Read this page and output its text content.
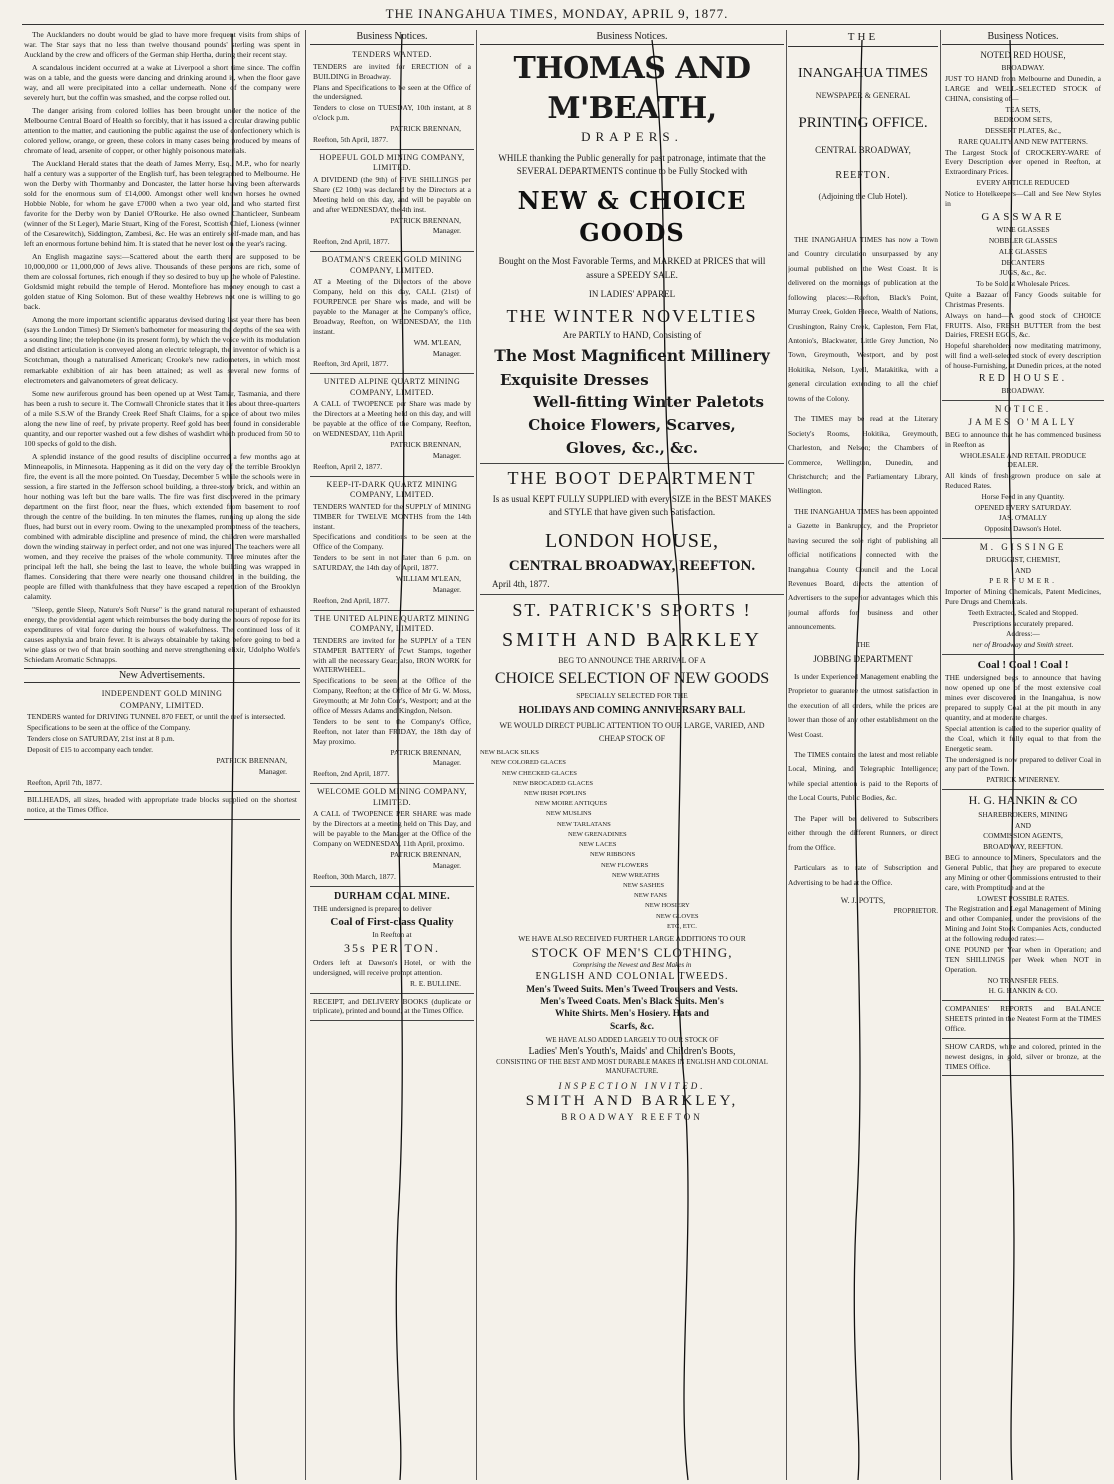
THE INANGAHUA TIMES, MONDAY, APRIL 9, 1877.

The Aucklanders no doubt would be glad to have more frequent visits from ships of war. The Star says that no less than twelve thousand pounds' sterling was spent in Auckland by the crew and officers of the German ship Hertha, during their recent stay.

A scandalous incident occurred at a wake at Liverpool a short time since. The coffin was on a table, and the guests were dancing and drinking around it, when the floor gave way, and all were precipitated into a cellar underneath. None of the company were severely hurt, but the coffin was smashed, and the corpse rolled out.

The danger arising from colored lollies has been brought under the notice of the Melbourne Central Board of Health so forcibly, that it has issued a circular drawing public attention to the matter, and cautioning the public against the use of confectionery which is colored yellow, orange, or green, these colors in many cases being produced by means of chromate of lead, arsenite of copper, or other highly poisonous materials.

The Auckland Herald states that the death of James Merry, Esq., M.P., who for nearly half a century was a supporter of the English turf, has been telegraphed to Melbourne. He won the Derby with Thormanby and Doncaster, the latter horse having been afterwards sold for the enormous sum of £14,000. Amongst other well known horses he owned Hobbie Noble, for whom he gave £7000 when a two year old, and who started first favorite for the Derby won by Daniel O'Rourke. He also owned Chanticleer, Sunbeam (winner of the St Leger), Marie Stuart, King of the Forest, Scottish Chief, Lioness (winner of the Cesarewitch), Siddington, Zambesi, &c. He was an entirely self-made man, and has left an enormous fortune behind him. It is stated that he never lost on the year's racing.

An English magazine says:—Scattered about the earth there are supposed to be 10,000,000 or 11,000,000 of Jews alive. Thousands of these persons are rich, some of them are colossal fortunes, rich enough if they so desired to buy up the whole of Palestine. Goldsmid might rebuild the temple of Herod. Montefiore has money enough to cast a golden statue of King Solomon. But of these wealthy Hebrews not one is willing to go back.

Among the more important scientific apparatus devised during last year there has been (says the London Times) Dr Siemen's bathometer for measuring the depths of the sea with a sounding line; the telephone (in its present form), by which the voice with its modulation and distinct articulation is conveyed along an electric telegraph, the inventor of which is a Scotchman, though a naturalised American; Crooke's new radiometers, in which most remarkable exhibition of air has been attained; as well as several new forms of electrometers and galvanometers of great delicacy.

Some new auriferous ground has been opened up at West Tamar, Tasmania, and there has been a rush to secure it. The Cornwall Chronicle states that it lies about three-quarters of a mile S.S.W of the Brandy Creek Reef Shaft Claims, for a space of about two miles along the new line of reef, by private property. Reef gold has been found in considerable quantity, and our reporter washed out a few dishes of washdirt which produced from 50 to 100 specks of gold to the dish.

A splendid instance of the good results of discipline occurred a few months ago at Minneapolis, in Minnesota. Happening as it did on the very day of the terrible Brooklyn fire, the event is all the more pointed. On Tuesday, December 5 while the schools were in session, a fire started in the Jefferson school building, a three-story brick, and within an hour nothing was left but the bare walls. The fire was first discovered in the primary department on the first floor, near the flues, which extended from basement to roof through the centre of the building. In ten minutes the flames, running up along the side flues, had burst out in every room. Owing to the unexampled promptness of the teachers, combined with admirable discipline and presence of mind, the children were marshalled down the winding stairway in perfect order, and not one was injured. The teachers were all women, and they receive the praises of the whole community. Three minutes after the principal left the hall, she being the last to leave, the whole building was wrapped in flames. Considering that there were nearly one thousand children in the building, the people are filled with thankfulness that they have escaped a repetition of the Brooklyn calamity.

"Sleep, gentle Sleep, Nature's Soft Nurse" is the grand natural recuperant of exhausted energy, the providential agent which reimburses the body during the hours of repose for its expenditures of vital force during the hours of wakefulness. The continued loss of it causes asphyxia and brain fever. It is always obtainable by taking before going to bed a wine glass or two of that brain soothing and nerve strengthening elixir, Udolpho Wolfe's Schiedam Aromatic Schnapps.

New Advertisements.

INDEPENDENT GOLD MINING

COMPANY, LIMITED.

TENDERS wanted for DRIVING TUNNEL 870 FEET, or until the reef is intersected.

Specifications to be seen at the office of the Company.

Tenders close on SATURDAY, 21st inst at 8 p.m.

Deposit of £15 to accompany each tender.

PATRICK BRENNAN,

Manager.

Reefton, April 7th, 1877.

BILLHEADS, all sizes, headed with appropriate trade blocks supplied on the shortest notice, at the Times Office.

Business Notices.

TENDERS WANTED.

TENDERS are invited for ERECTION of a BUILDING in Broadway.

Plans and Specifications to be seen at the Office of the undersigned.

Tenders to close on TUESDAY, 10th instant, at 8 o'clock p.m.

PATRICK BRENNAN,

Reefton, 5th April, 1877.

HOPEFUL GOLD MINING COMPANY, LIMITED.

A DIVIDEND (the 9th) of FIVE SHILLINGS per Share (£2 10th) was declared by the Directors at a Meeting held on this day, and will be payable on and after WEDNESDAY, the 4th inst.

PATRICK BRENNAN,

Manager.

Reefton, 2nd April, 1877.

BOATMAN'S CREEK GOLD MINING COMPANY, LIMITED.

AT a Meeting of the Directors of the above Company, held on this day, CALL (21st) of FOURPENCE per Share was made, and will be payable to the Manager at the Company's office, Broadway, Reefton, on WEDNESDAY, the 11th instant.

WM. M'LEAN,

Manager.

Reefton, 3rd April, 1877.

UNITED ALPINE QUARTZ MINING COMPANY, LIMITED.

A CALL of TWOPENCE per Share was made by the Directors at a Meeting held on this day, and will be payable at the office of the Company, Reefton, on WEDNESDAY, 11th April.

PATRICK BRENNAN,

Manager.

Reefton, April 2, 1877.

KEEP-IT-DARK QUARTZ MINING COMPANY, LIMITED.

TENDERS WANTED for the SUPPLY of MINING TIMBER for TWELVE MONTHS from the 14th instant.

Specifications and conditions to be seen at the Office of the Company.

Tenders to be sent in not later than 6 p.m. on SATURDAY, the 14th day of April, 1877.

WILLIAM M'LEAN,

Manager.

Reefton, 2nd April, 1877.

THE UNITED ALPINE QUARTZ MINING COMPANY, LIMITED.

TENDERS are invited for the SUPPLY of a TEN STAMPER BATTERY of 7cwt Stamps, together with all the necessary Gear; also, IRON WORK for WATERWHEEL.

Specifications to be seen at the Office of the Company, Reefton; at the Office of Mr G. W. Moss, Greymouth; at Mr John Corr's, Westport; and at the office of Messrs Adams and Kingdon, Nelson.

Tenders to be sent to the Company's Office, Reefton, not later than FRIDAY, the 18th day of May proximo.

PATRICK BRENNAN,

Manager.

Reefton, 2nd April, 1877.

WELCOME GOLD MINING COMPANY, LIMITED.

A CALL of TWOPENCE PER SHARE was made by the Directors at a meeting held on This Day, and will be payable to the Manager at the Office of the Company on WEDNESDAY, 11th April, proximo.

PATRICK BRENNAN,

Manager.

Reefton, 30th March, 1877.

DURHAM COAL MINE.

THE undersigned is prepared to deliver

Coal of First-class Quality

In Reefton at

35s PER TON.

Orders left at Dawson's Hotel, or with the undersigned, will receive prompt attention.

R. E. BULLINE.

RECEIPT, and DELIVERY BOOKS (duplicate or triplicate), printed and bound, at the Times Office.

Business Notices.
THOMAS AND M'BEATH,
DRAPERS.

WHILE thanking the Public generally for past patronage, intimate that the SEVERAL DEPARTMENTS continue to be Fully Stocked with

NEW & CHOICE GOODS

Bought on the Most Favorable Terms, and MARKED at PRICES that will assure a SPEEDY SALE.

IN LADIES' APPAREL
THE WINTER NOVELTIES
Are PARTLY to HAND, Consisting of
The Most Magnificent Millinery
Exquisite Dresses
Well-fitting Winter Paletots
Choice Flowers, Scarves,
Gloves, &c., &c.
THE BOOT DEPARTMENT

Is as usual KEPT FULLY SUPPLIED with every SIZE in the BEST MAKES and STYLE that have given such Satisfaction.

LONDON HOUSE,
CENTRAL BROADWAY, REEFTON.
April 4th, 1877.
ST. PATRICK'S SPORTS !
SMITH AND BARKLEY
BEG TO ANNOUNCE THE ARRIVAL OF A
CHOICE SELECTION OF NEW GOODS
SPECIALLY SELECTED FOR THE
HOLIDAYS AND COMING ANNIVERSARY BALL

WE WOULD DIRECT PUBLIC ATTENTION TO OUR LARGE, VARIED, AND CHEAP STOCK OF

NEW BLACK SILKS
NEW COLORED GLACES
NEW CHECKED GLACES
NEW BROCADED GLACES
NEW IRISH POPLINS
NEW MOIRE ANTIQUES
NEW MUSLINS
NEW TARLATANS
NEW GRENADINES
NEW LACES
NEW RIBBONS
NEW FLOWERS
NEW WREATHS
NEW SASHES
NEW FANS
NEW HOSIERY
NEW GLOVES
ETC, ETC.
WE HAVE ALSO RECEIVED FURTHER LARGE ADDITIONS TO OUR
STOCK OF MEN'S CLOTHING,
Comprising the Newest and Best Makes in
ENGLISH AND COLONIAL TWEEDS.
Men's Tweed Suits. Men's Tweed Trousers and Vests.
Men's Tweed Coats. Men's Black Suits. Men's
White Shirts. Men's Hosiery. Hats and
Scarfs, &c.
WE HAVE ALSO ADDED LARGELY TO OUR STOCK OF
Ladies' Men's Youth's, Maids' and Children's Boots,
CONSISTING OF THE BEST AND MOST DURABLE MAKES IN ENGLISH AND COLONIAL MANUFACTURE.
INSPECTION INVITED.
SMITH AND BARKLEY,
BROADWAY REEFTON
THE
INANGAHUA TIMES
NEWSPAPER & GENERAL
PRINTING OFFICE.
CENTRAL BROADWAY,
REEFTON.
(Adjoining the Club Hotel).

THE INANGAHUA TIMES has now a Town and Country circulation unsurpassed by any journal published on the West Coast. It is delivered on the mornings of publication at the following places:—Reefton, Black's Point, Murray Creek, Golden Fleece, Wealth of Nations, Crushington, Rainy Creek, Capleston, Fern Flat, Antonio's, Blackwater, Little Grey Junction, No Town, Greymouth, Westport, and by post Hokitika, Nelson, Lyell, Matakitika, with a general circulation extending to all the chief towns of the Colony.

The TIMES may be read at the Literary Society's Rooms, Hokitika, Greymouth, Charleston, and Nelson; the Chambers of Commerce, Wellington, Dunedin, and Christchurch; and the Parliamentary Library, Wellington.

THE INANGAHUA TIMES has been appointed a Gazette in Bankruptcy, and the Proprietor having secured the sole right of publishing all official notifications connected with the Inangahua County Council and the Local Revenues Board, directs the attention of Advertisers to the superior advantages which this journal affords for business and other announcements.

THE
JOBBING DEPARTMENT

Is under Experienced Management enabling the Proprietor to guarantee the utmost satisfaction in the execution of all orders, while the prices are lower than those of any other establishment on the West Coast.

The TIMES contains the latest and most reliable Local, Mining, and Telegraphic Intelligence; while special attention is paid to the Reports of the Local Courts, Public Bodies, &c.

The Paper will be delivered to Subscribers either through the different Runners, or direct from the Office.

Particulars as to rate of Subscription and Advertising to be had at the Office.

W. J. POTTS,
PROPRIETOR.
Business Notices.

NOTED RED HOUSE,

BROADWAY.

JUST TO HAND from Melbourne and Dunedin, a LARGE and WELL-SELECTED STOCK of CHINA, consisting of—

TEA SETS,

BEDROOM SETS,

DESSERT PLATES, &c.,

RARE QUALITY AND NEW PATTERNS.

The Largest Stock of CROCKERY-WARE of Every Description ever opened in Reefton, at Extraordinary Prices.

EVERY ARTICLE REDUCED

Notice to Hotelkeepers—Call and See New Styles in

GASSWARE

WINE GLASSES

NOBBLER GLASSES

ALE GLASSES

DECANTERS

JUGS, &c., &c.

To be Sold at Wholesale Prices.

Quite a Bazaar of Fancy Goods suitable for Christmas Presents.

Always on hand—A good stock of CHOICE FRUITS. Also, FRESH BUTTER from the best Dairies, FRESH EGGS, &c.

Hopeful shareholders now meditating matrimony, will find a well-selected stock of every description of house-Furnishing, at Dunedin prices, at the noted

RED HOUSE.

BROADWAY.

NOTICE.

JAMES O'MALLY

BEG to announce that he has commenced business in Reefton as

WHOLESALE AND RETAIL PRODUCE DEALER.

All kinds of fresh-grown produce on sale at Reduced Rates.

Horse Feed in any Quantity.

OPENED EVERY SATURDAY.

JAS. O'MALLY

Opposite Dawson's Hotel.

M. GISSINGE

DRUGGIST, CHEMIST,

AND

PERFUMER.

Importer of Mining Chemicals, Patent Medicines, Pure Drugs and Chemicals.

Teeth Extracted, Scaled and Stopped.

Prescriptions accurately prepared.

Address:—

ner of Broadway and Smith street.

Coal ! Coal ! Coal !

THE undersigned begs to announce that having now opened up one of the most extensive coal mines ever discovered in the Inangahua, is now prepared to supply Coal at the pit mouth in any quantity, and at moderate charges.

Special attention is called to the superior quality of the Coal, which it fully equal to that from the Energetic seam.

The undersigned is now prepared to deliver Coal in any part of the Town.

PATRICK M'INERNEY.

H. G. HANKIN & CO

SHAREBROKERS, MINING

AND

COMMISSION AGENTS,

BROADWAY, REEFTON.

BEG to announce to Miners, Speculators and the General Public, that they are prepared to execute any Mining or other Commissions entrusted to their care, with Promptitude and at the

LOWEST POSSIBLE RATES.

The Registration and Legal Management of Mining and other Companies, under the provisions of the Mining and Joint Stock Companies Acts, conducted at the following reduced rates:—

ONE POUND per Year when in Operation; and TEN SHILLINGS per Week when NOT in Operation.

NO TRANSFER FEES.

H. G. HANKIN & CO.

COMPANIES' REPORTS and BALANCE SHEETS printed in the Neatest Form at the TIMES Office.

SHOW CARDS, white and colored, printed in the newest designs, in gold, silver or bronze, at the TIMES Office.
